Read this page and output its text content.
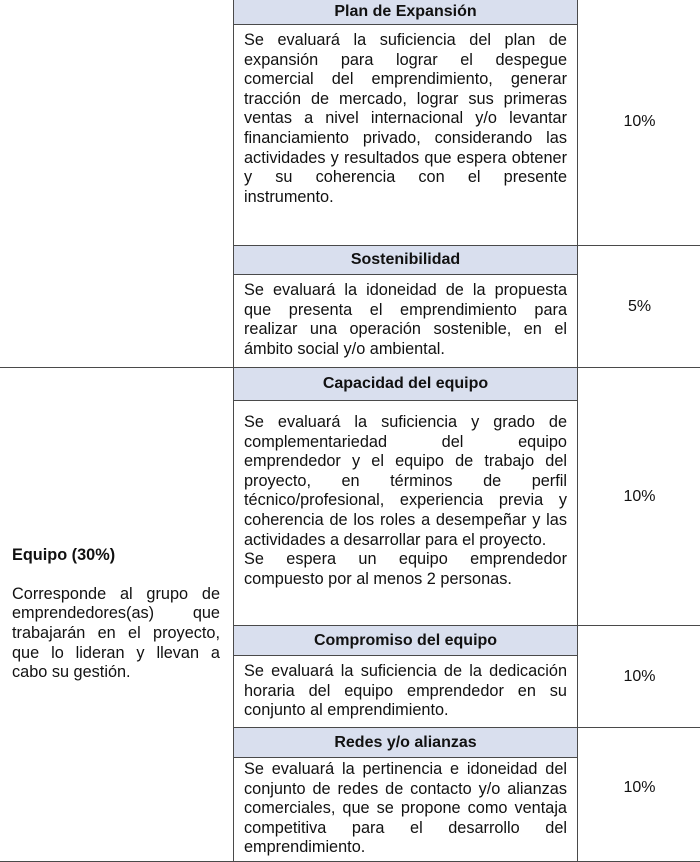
Equipo (30%)
Corresponde al grupo de emprendedores(as) que trabajarán en el proyecto, que lo lideran y llevan a cabo su gestión.
Plan de Expansión
Se evaluará la suficiencia del plan de expansión para lograr el despegue comercial del emprendimiento, generar tracción de mercado, lograr sus primeras ventas a nivel internacional y/o levantar financiamiento privado, considerando las actividades y resultados que espera obtener y su coherencia con el presente instrumento.
10%
Sostenibilidad
Se evaluará la idoneidad de la propuesta que presenta el emprendimiento para realizar una operación sostenible, en el ámbito social y/o ambiental.
5%
Capacidad del equipo
Se evaluará la suficiencia y grado de complementariedad del equipo emprendedor y el equipo de trabajo del proyecto, en términos de perfil técnico/profesional, experiencia previa y coherencia de los roles a desempeñar y las actividades a desarrollar para el proyecto.
Se espera un equipo emprendedor compuesto por al menos 2 personas.
10%
Compromiso del equipo
Se evaluará la suficiencia de la dedicación horaria del equipo emprendedor en su conjunto al emprendimiento.
10%
Redes y/o alianzas
Se evaluará la pertinencia e idoneidad del conjunto de redes de contacto y/o alianzas comerciales, que se propone como ventaja competitiva para el desarrollo del emprendimiento.
10%
